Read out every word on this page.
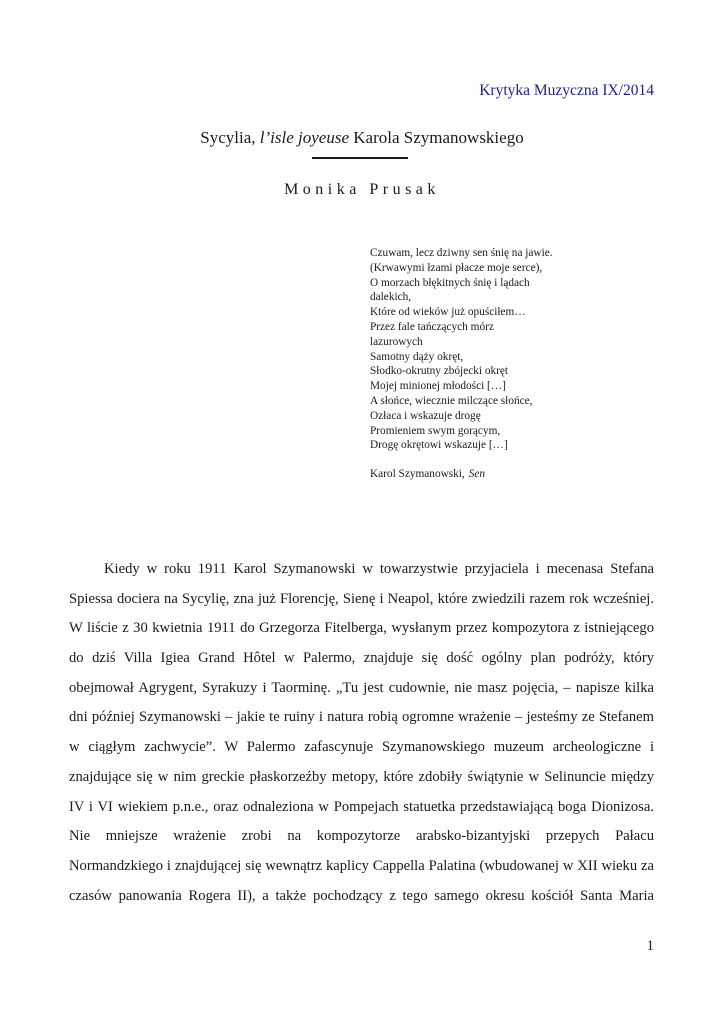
Krytyka Muzyczna IX/2014
Sycylia, l’isle joyeuse Karola Szymanowskiego
Monika Prusak
Czuwam, lecz dziwny sen śnię na jawie.
(Krwawymi łzami płacze moje serce),
O morzach błękitnych śnię i lądach
dalekich,
Które od wieków już opuściłem…
Przez fale tańczących mórz
lazurowych
Samotny dąży okręt,
Słodko-okrutny zbójecki okręt
Mojej minionej młodości […]
A słońce, wiecznie milczące słońce,
Ozłaca i wskazuje drogę
Promieniem swym gorącym,
Drogę okrętowi wskazuje […]
Karol Szymanowski, Sen
Kiedy w roku 1911 Karol Szymanowski w towarzystwie przyjaciela i mecenasa Stefana
Spiessa dociera na Sycylię, zna już Florencję, Sienę i Neapol, które zwiedzili razem rok wcześniej.
W liście z 30 kwietnia 1911 do Grzegorza Fitelberga, wysłanym przez kompozytora z istniejącego
do dziś Villa Igiea Grand Hôtel w Palermo, znajduje się dość ogólny plan podróży, który
obejmował Agrygent, Syrakuzy i Taorminę. „Tu jest cudownie, nie masz pojęcia, – napisze kilka
dni później Szymanowski – jakie te ruiny i natura robią ogromne wrażenie – jesteśmy ze Stefanem
w ciągłym zachwycie”. W Palermo zafascynuje Szymanowskiego muzeum archeologiczne i
znajdujące się w nim greckie płaskorzeźby metopy, które zdobiły świątynie w Selinuncie między
IV i VI wiekiem p.n.e., oraz odnaleziona w Pompejach statuetka przedstawiającą boga Dionizosa.
Nie mniejsze wrażenie zrobi na kompozytorze arabsko-bizantyjski przepych Pałacu
Normandzkiego i znajdującej się wewnątrz kaplicy Cappella Palatina (wbudowanej w XII wieku za
czasów panowania Rogera II), a także pochodzący z tego samego okresu kościół Santa Maria
1
